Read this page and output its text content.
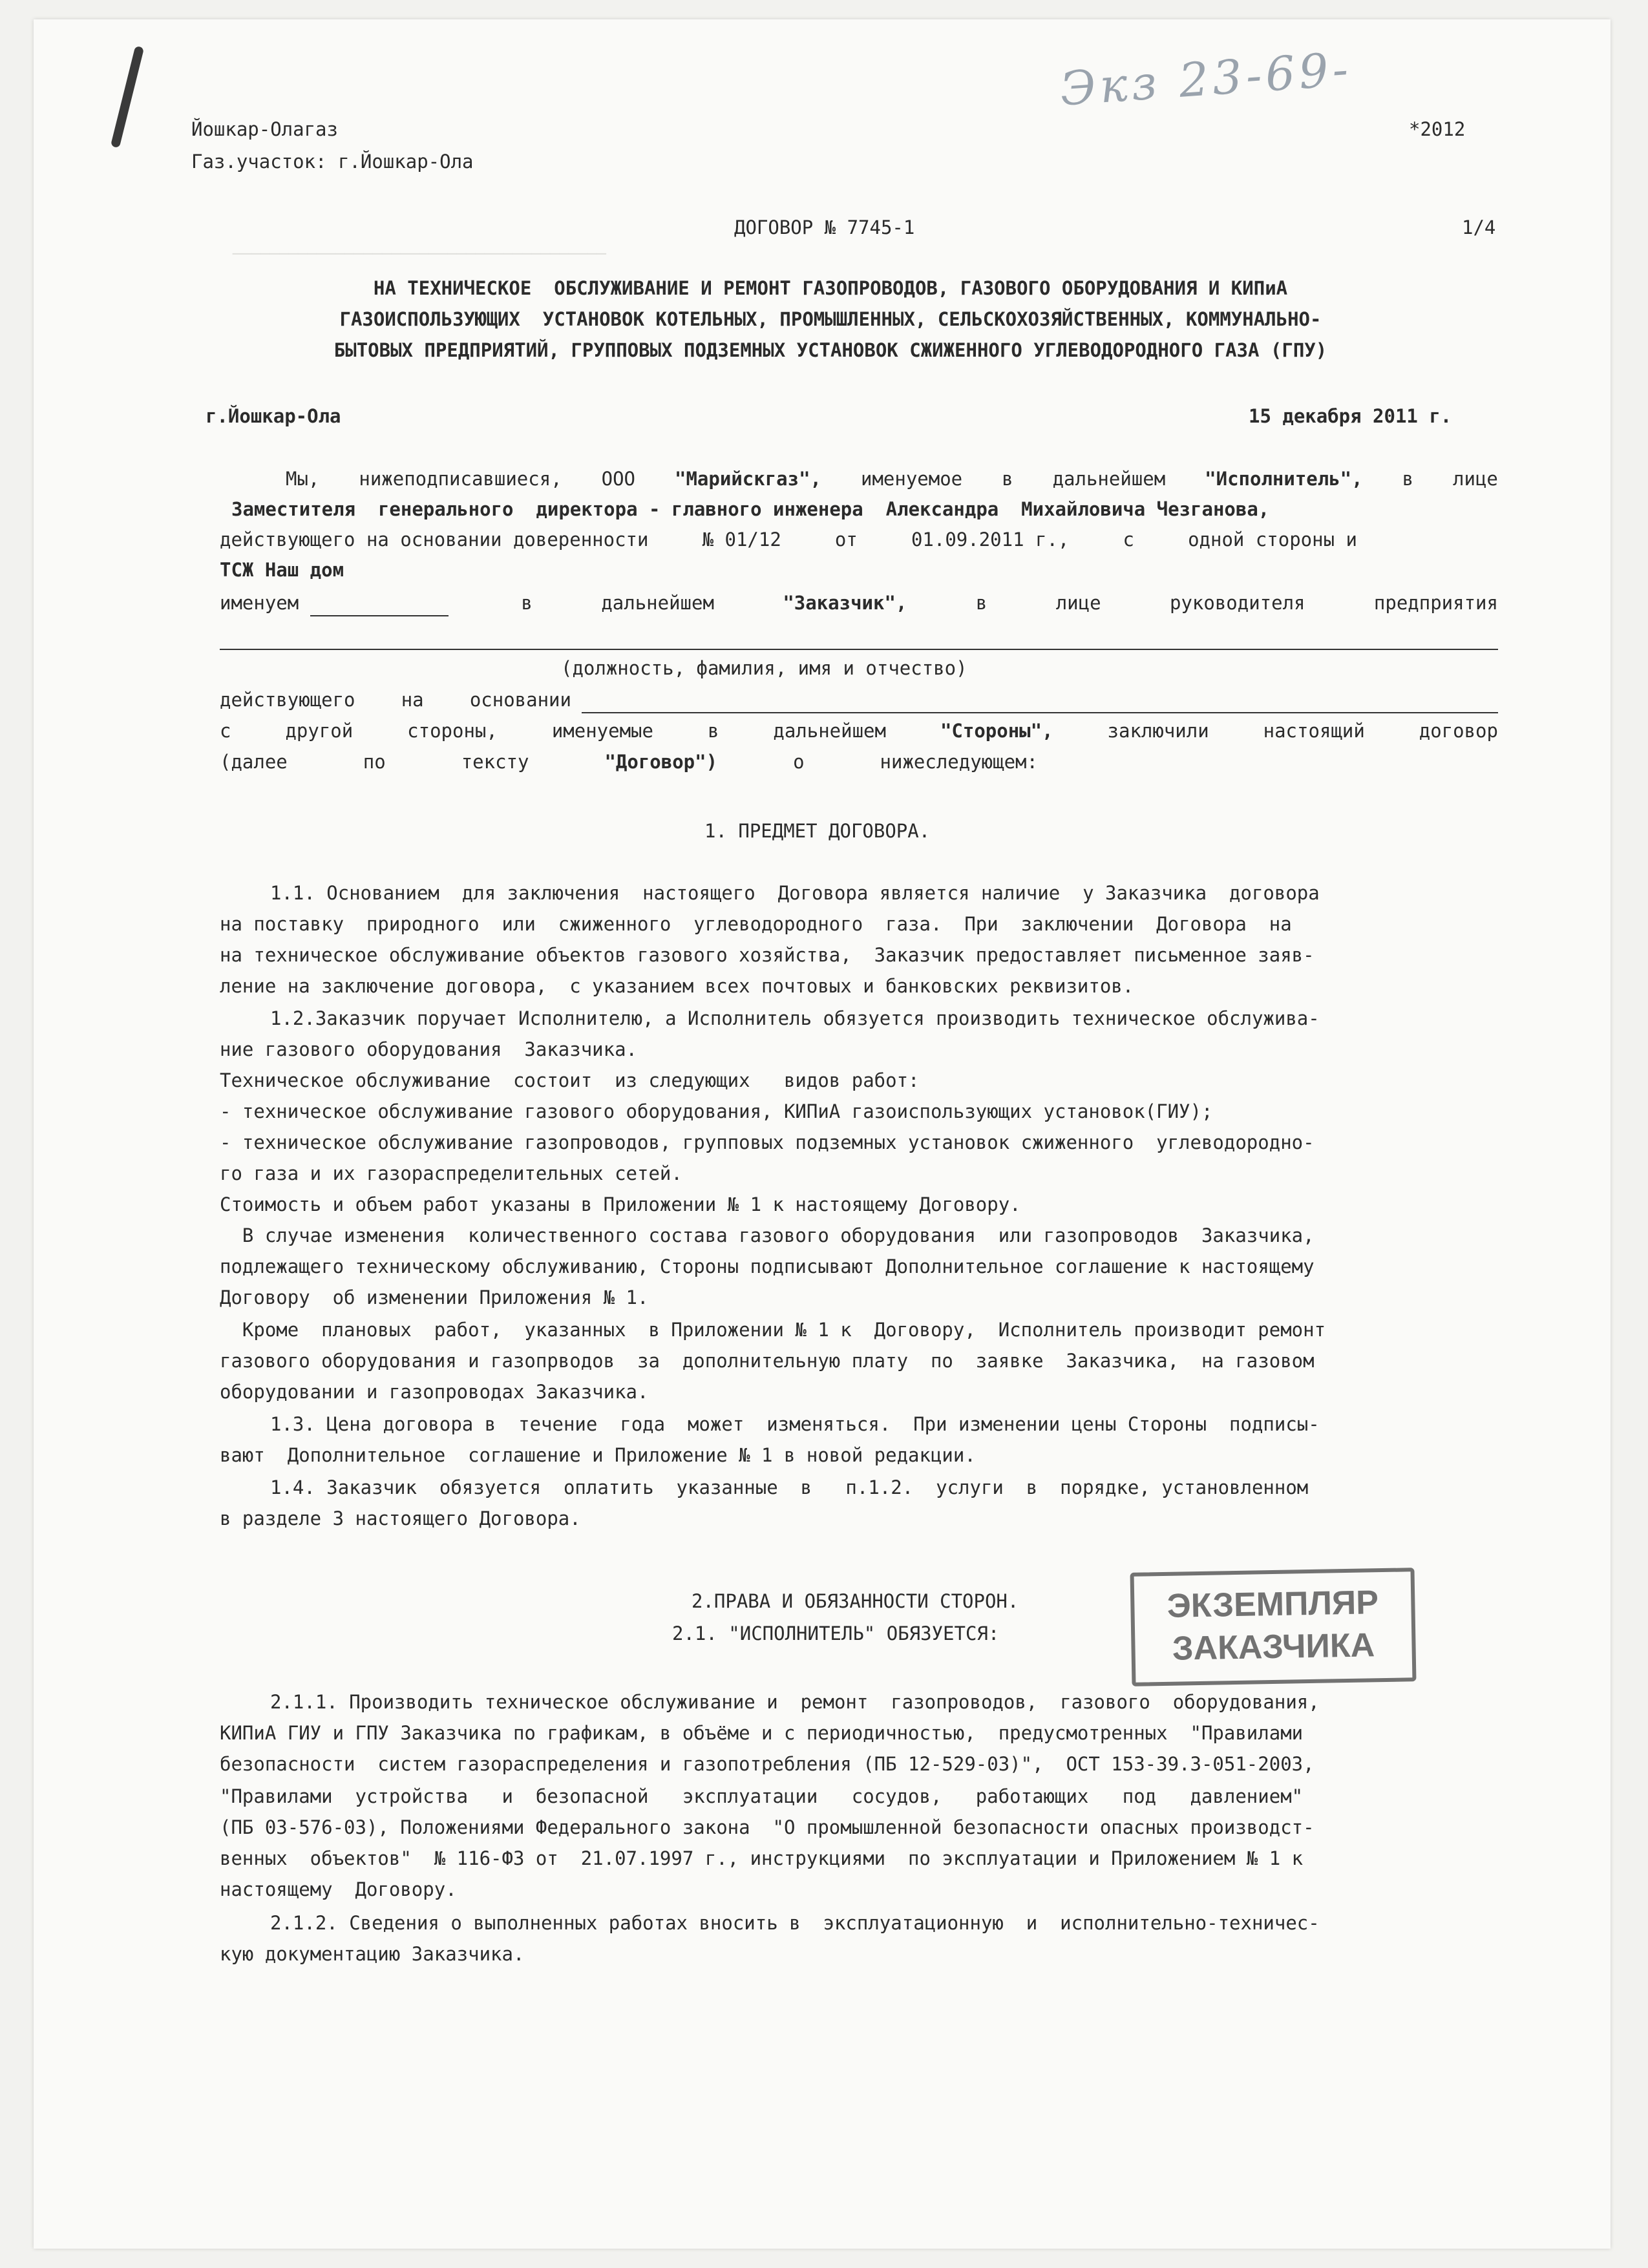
────────────────────────────────────────
Экз 23-69-
Йошкар-Олагаз
Газ.участок: г.Йошкар-Ола
*2012
ДОГОВОР № 7745-1	1/4
НА ТЕХНИЧЕСКОЕ  ОБСЛУЖИВАНИЕ И РЕМОНТ ГАЗОПРОВОДОВ, ГАЗОВОГО ОБОРУДОВАНИЯ И КИПиА
ГАЗОИСПОЛЬЗУЮЩИХ  УСТАНОВОК КОТЕЛЬНЫХ, ПРОМЫШЛЕННЫХ, СЕЛЬСКОХОЗЯЙСТВЕННЫХ, КОММУНАЛЬНО-
БЫТОВЫХ ПРЕДПРИЯТИЙ, ГРУППОВЫХ ПОДЗЕМНЫХ УСТАНОВОК СЖИЖЕННОГО УГЛЕВОДОРОДНОГО ГАЗА (ГПУ)
г.Йошкар-Ола	15 декабря 2011 г.
Мы, нижеподписавшиеся, ООО "Марийскгаз", именуемое в дальнейшем "Исполнитель", в лице
Заместителя  генерального  директора - главного инженера  Александра  Михайловича Чезганова,
действующего на основании доверенности	№ 01/12	от	01.09.2011 г.,	с	одной стороны и
ТСЖ Наш дом
именуем	в	дальнейшем	"Заказчик",	в	лице	руководителя	предприятия
(должность, фамилия, имя и отчество)
действующего на основании
с	другой	стороны,	именуемые	в	дальнейшем	"Стороны",	заключили	настоящий	договор
(далее	по	тексту	"Договор")	о	нижеследующем:
1. ПРЕДМЕТ ДОГОВОРА.
1.1. Основанием  для заключения  настоящего  Договора является наличие  у Заказчика  договора
на поставку  природного  или  сжиженного  углеводородного  газа.  При  заключении  Договора  на
на техническое обслуживание объектов газового хозяйства,  Заказчик предоставляет письменное заяв-
ление на заключение договора,  с указанием всех почтовых и банковских реквизитов.
1.2.Заказчик поручает Исполнителю, а Исполнитель обязуется производить техническое обслужива-
ние газового оборудования  Заказчика.
Техническое обслуживание  состоит  из следующих   видов работ:
- техническое обслуживание газового оборудования, КИПиА газоиспользующих установок(ГИУ);
- техническое обслуживание газопроводов, групповых подземных установок сжиженного  углеводородно-
го газа и их газораспределительных сетей.
Стоимость и объем работ указаны в Приложении № 1 к настоящему Договору.
В случае изменения  количественного состава газового оборудования  или газопроводов  Заказчика,
подлежащего техническому обслуживанию, Стороны подписывают Дополнительное соглашение к настоящему
Договору  об изменении Приложения № 1.
Кроме  плановых  работ,  указанных  в Приложении № 1 к  Договору,  Исполнитель производит ремонт
газового оборудования и газопрводов  за  дополнительную плату  по  заявке  Заказчика,  на газовом
оборудовании и газопроводах Заказчика.
1.3. Цена договора в  течение  года  может  изменяться.  При изменении цены Стороны  подписы-
вают  Дополнительное  соглашение и Приложение № 1 в новой редакции.
1.4. Заказчик  обязуется  оплатить  указанные  в   п.1.2.  услуги  в  порядке, установленном
в разделе 3 настоящего Договора.
2.ПРАВА И ОБЯЗАННОСТИ СТОРОН.
2.1. "ИСПОЛНИТЕЛЬ" ОБЯЗУЕТСЯ:
ЭКЗЕМПЛЯР
ЗАКАЗЧИКА
2.1.1. Производить техническое обслуживание и  ремонт  газопроводов,  газового  оборудования,
КИПиА ГИУ и ГПУ Заказчика по графикам, в объёме и с периодичностью,  предусмотренных  "Правилами
безопасности  систем газораспределения и газопотребления (ПБ 12-529-03)",  ОСТ 153-39.3-051-2003,
"Правилами  устройства   и  безопасной   эксплуатации   сосудов,   работающих   под   давлением"
(ПБ 03-576-03), Положениями Федерального закона  "О промышленной безопасности опасных производст-
венных  объектов"  № 116-ФЗ от  21.07.1997 г., инструкциями  по эксплуатации и Приложением № 1 к
настоящему  Договору.
2.1.2. Сведения о выполненных работах вносить в  эксплуатационную  и  исполнительно-техничес-
кую документацию Заказчика.
